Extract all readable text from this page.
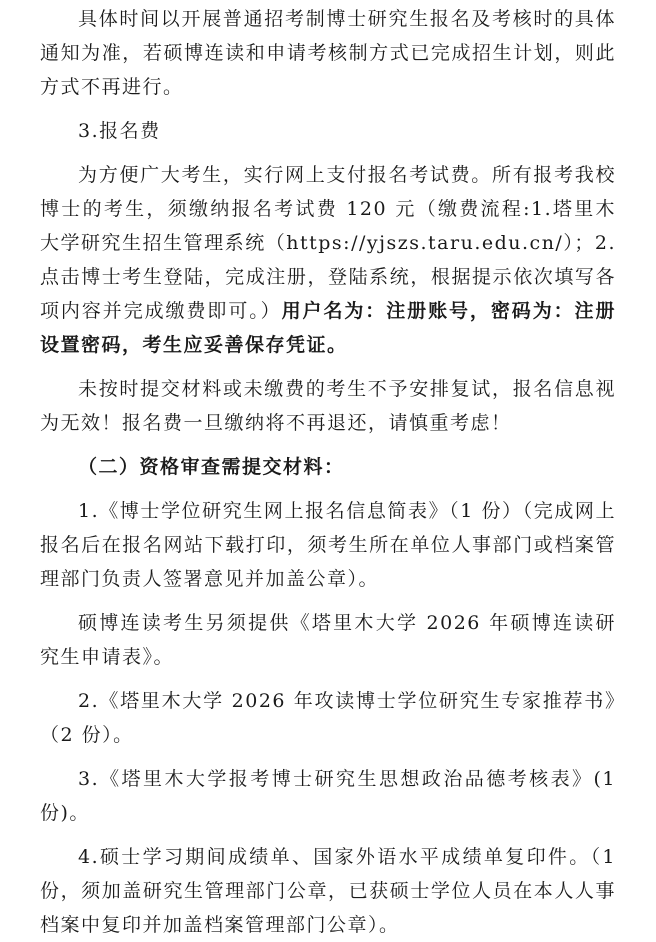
具体时间以开展普通招考制博士研究生报名及考核时的具体通知为准，若硕博连读和申请考核制方式已完成招生计划，则此方式不再进行。

3.报名费

为方便广大考生，实行网上支付报名考试费。所有报考我校博士的考生，须缴纳报名考试费 120 元（缴费流程:1.塔里木大学研究生招生管理系统（https://yjszs.taru.edu.cn/）；2.点击博士考生登陆，完成注册，登陆系统，根据提示依次填写各项内容并完成缴费即可。）用户名为：注册账号，密码为：注册设置密码，考生应妥善保存凭证。

未按时提交材料或未缴费的考生不予安排复试，报名信息视为无效！报名费一旦缴纳将不再退还，请慎重考虑！

（二）资格审查需提交材料：

1.《博士学位研究生网上报名信息简表》（1 份）（完成网上报名后在报名网站下载打印，须考生所在单位人事部门或档案管理部门负责人签署意见并加盖公章）。

硕博连读考生另须提供《塔里木大学 2026 年硕博连读研究生申请表》。

2.《塔里木大学 2026 年攻读博士学位研究生专家推荐书》（2 份）。

3.《塔里木大学报考博士研究生思想政治品德考核表》(1 份)。

4.硕士学习期间成绩单、国家外语水平成绩单复印件。（1 份，须加盖研究生管理部门公章，已获硕士学位人员在本人人事档案中复印并加盖档案管理部门公章）。
